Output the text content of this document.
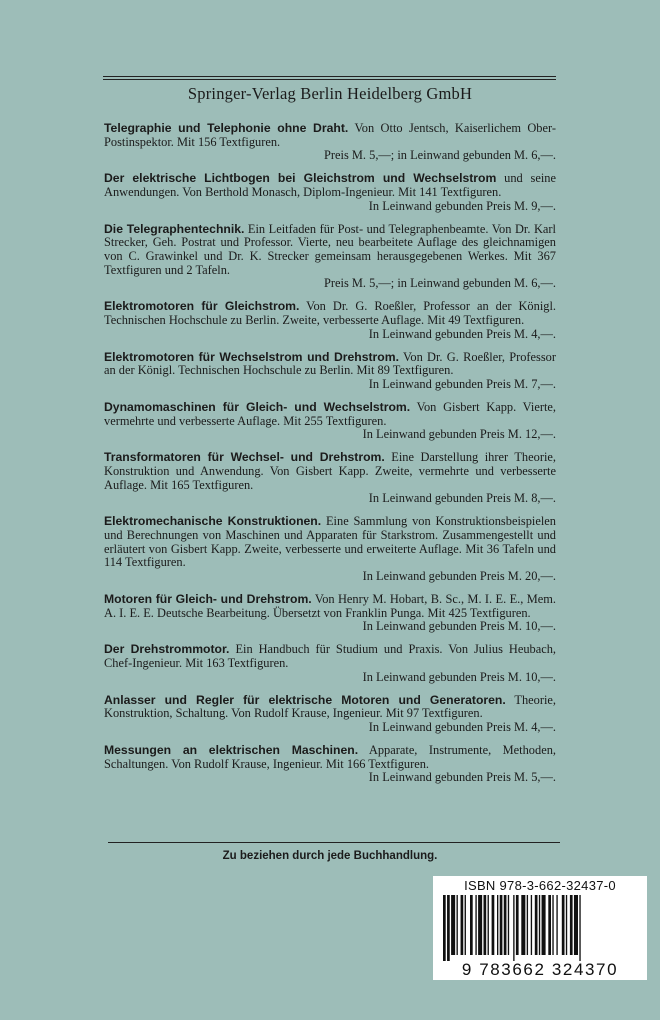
Springer-Verlag Berlin Heidelberg GmbH
Telegraphie und Telephonie ohne Draht. Von Otto Jentsch, Kaiserlichem Ober-Postinspektor. Mit 156 Textfiguren.
Preis M. 5,—; in Leinwand gebunden M. 6,—.
Der elektrische Lichtbogen bei Gleichstrom und Wechselstrom und seine Anwendungen. Von Berthold Monasch, Diplom-Ingenieur. Mit 141 Textfiguren.
In Leinwand gebunden Preis M. 9,—.
Die Telegraphentechnik. Ein Leitfaden für Post- und Telegraphenbeamte. Von Dr. Karl Strecker, Geh. Postrat und Professor. Vierte, neu bearbeitete Auflage des gleichnamigen von C. Grawinkel und Dr. K. Strecker gemeinsam herausgegebenen Werkes. Mit 367 Textfiguren und 2 Tafeln.
Preis M. 5,—; in Leinwand gebunden M. 6,—.
Elektromotoren für Gleichstrom. Von Dr. G. Roeßler, Professor an der Königl. Technischen Hochschule zu Berlin. Zweite, verbesserte Auflage. Mit 49 Textfiguren.
In Leinwand gebunden Preis M. 4,—.
Elektromotoren für Wechselstrom und Drehstrom. Von Dr. G. Roeßler, Professor an der Königl. Technischen Hochschule zu Berlin. Mit 89 Textfiguren.
In Leinwand gebunden Preis M. 7,—.
Dynamomaschinen für Gleich- und Wechselstrom. Von Gisbert Kapp. Vierte, vermehrte und verbesserte Auflage. Mit 255 Textfiguren.
In Leinwand gebunden Preis M. 12,—.
Transformatoren für Wechsel- und Drehstrom. Eine Darstellung ihrer Theorie, Konstruktion und Anwendung. Von Gisbert Kapp. Zweite, vermehrte und verbesserte Auflage. Mit 165 Textfiguren.
In Leinwand gebunden Preis M. 8,—.
Elektromechanische Konstruktionen. Eine Sammlung von Konstruktionsbeispielen und Berechnungen von Maschinen und Apparaten für Starkstrom. Zusammengestellt und erläutert von Gisbert Kapp. Zweite, verbesserte und erweiterte Auflage. Mit 36 Tafeln und 114 Textfiguren.
In Leinwand gebunden Preis M. 20,—.
Motoren für Gleich- und Drehstrom. Von Henry M. Hobart, B. Sc., M. I. E. E., Mem. A. I. E. E. Deutsche Bearbeitung. Übersetzt von Franklin Punga. Mit 425 Textfiguren.
In Leinwand gebunden Preis M. 10,—.
Der Drehstrommotor. Ein Handbuch für Studium und Praxis. Von Julius Heubach, Chef-Ingenieur. Mit 163 Textfiguren.
In Leinwand gebunden Preis M. 10,—.
Anlasser und Regler für elektrische Motoren und Generatoren. Theorie, Konstruktion, Schaltung. Von Rudolf Krause, Ingenieur. Mit 97 Textfiguren.
In Leinwand gebunden Preis M. 4,—.
Messungen an elektrischen Maschinen. Apparate, Instrumente, Methoden, Schaltungen. Von Rudolf Krause, Ingenieur. Mit 166 Textfiguren.
In Leinwand gebunden Preis M. 5,—.
Zu beziehen durch jede Buchhandlung.
ISBN 978-3-662-32437-0
9 783662 324370
